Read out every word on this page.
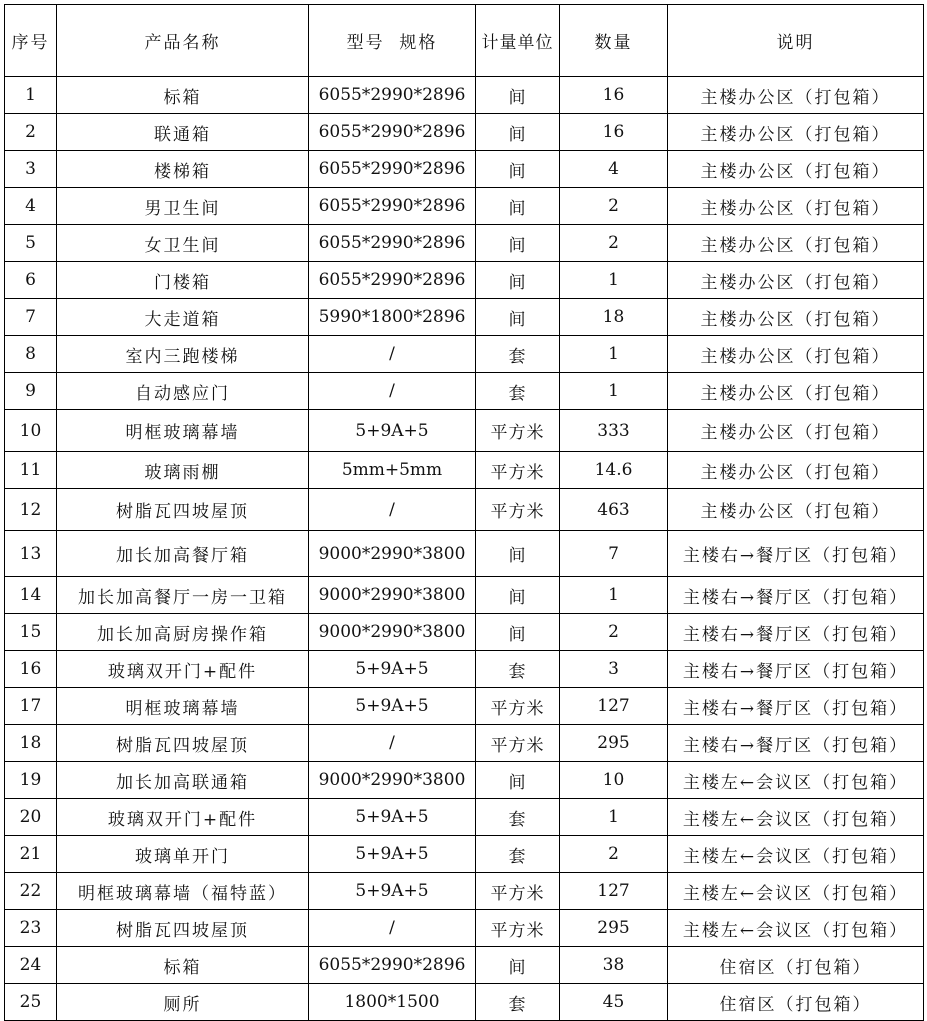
序号	产品名称	型号  规格	计量单位	数量	说明
1	标箱	6055*2990*2896	间	16	主楼办公区（打包箱）
2	联通箱	6055*2990*2896	间	16	主楼办公区（打包箱）
3	楼梯箱	6055*2990*2896	间	4	主楼办公区（打包箱）
4	男卫生间	6055*2990*2896	间	2	主楼办公区（打包箱）
5	女卫生间	6055*2990*2896	间	2	主楼办公区（打包箱）
6	门楼箱	6055*2990*2896	间	1	主楼办公区（打包箱）
7	大走道箱	5990*1800*2896	间	18	主楼办公区（打包箱）
8	室内三跑楼梯	/	套	1	主楼办公区（打包箱）
9	自动感应门	/	套	1	主楼办公区（打包箱）
10	明框玻璃幕墙	5+9A+5	平方米	333	主楼办公区（打包箱）
11	玻璃雨棚	5mm+5mm	平方米	14.6	主楼办公区（打包箱）
12	树脂瓦四坡屋顶	/	平方米	463	主楼办公区（打包箱）
13	加长加高餐厅箱	9000*2990*3800	间	7	主楼右→餐厅区（打包箱）
14	加长加高餐厅一房一卫箱	9000*2990*3800	间	1	主楼右→餐厅区（打包箱）
15	加长加高厨房操作箱	9000*2990*3800	间	2	主楼右→餐厅区（打包箱）
16	玻璃双开门+配件	5+9A+5	套	3	主楼右→餐厅区（打包箱）
17	明框玻璃幕墙	5+9A+5	平方米	127	主楼右→餐厅区（打包箱）
18	树脂瓦四坡屋顶	/	平方米	295	主楼右→餐厅区（打包箱）
19	加长加高联通箱	9000*2990*3800	间	10	主楼左←会议区（打包箱）
20	玻璃双开门+配件	5+9A+5	套	1	主楼左←会议区（打包箱）
21	玻璃单开门	5+9A+5	套	2	主楼左←会议区（打包箱）
22	明框玻璃幕墙（福特蓝）	5+9A+5	平方米	127	主楼左←会议区（打包箱）
23	树脂瓦四坡屋顶	/	平方米	295	主楼左←会议区（打包箱）
24	标箱	6055*2990*2896	间	38	住宿区（打包箱）
25	厕所	1800*1500	套	45	住宿区（打包箱）
